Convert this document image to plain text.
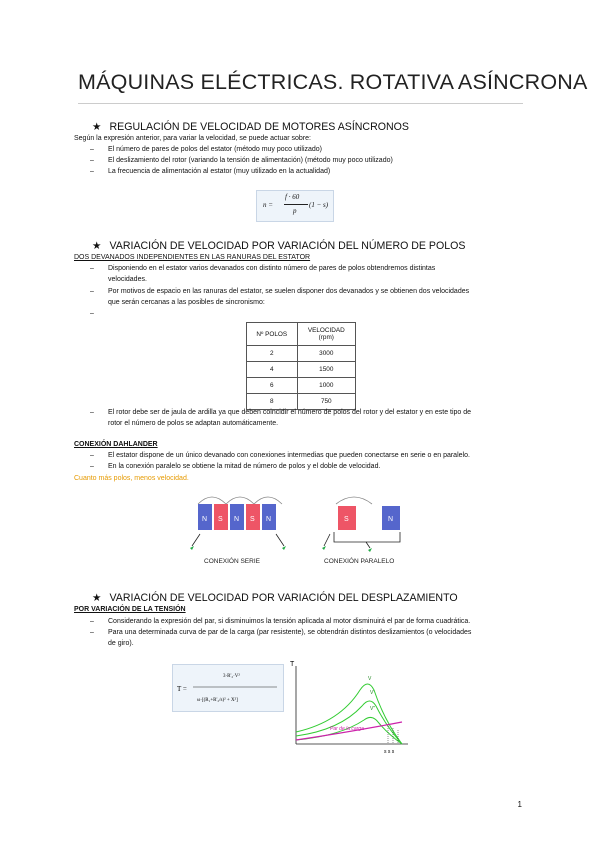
MÁQUINAS ELÉCTRICAS. ROTATIVA ASÍNCRONA
★ REGULACIÓN DE VELOCIDAD DE MOTORES ASÍNCRONOS
Según la expresión anterior, para variar la velocidad, se puede actuar sobre:
– El número de pares de polos del estator (método muy poco utilizado)
– El deslizamiento del rotor (variando la tensión de alimentación) (método muy poco utilizado)
– La frecuencia de alimentación al estator (muy utilizado en la actualidad)
n =
f · 60
p
(1 − s)
★ VARIACIÓN DE VELOCIDAD POR VARIACIÓN DEL NÚMERO DE POLOS
DOS DEVANADOS INDEPENDIENTES EN LAS RANURAS DEL ESTATOR
– Disponiendo en el estator varios devanados con distinto número de pares de polos obtendremos distintas
velocidades.
– Por motivos de espacio en las ranuras del estator, se suelen disponer dos devanados y se obtienen dos velocidades
que serán cercanas a las posibles de sincronismo:
–
Nº POLOS	VELOCIDAD
(rpm)
2	3000
4	1500
6	1000
8	750
– El rotor debe ser de jaula de ardilla ya que deben coincidir el número de polos del rotor y del estator y en este tipo de
rotor el número de polos se adaptan automáticamente.
CONEXIÓN DAHLANDER
– El estator dispone de un único devanado con conexiones intermedias que pueden conectarse en serie o en paralelo.
– En la conexión paralelo se obtiene la mitad de número de polos y el doble de velocidad.
Cuanto más polos, menos velocidad.
N S N S N	S	N
CONEXIÓN SERIE	CONEXIÓN PARALELO
★ VARIACIÓN DE VELOCIDAD POR VARIACIÓN DEL DESPLAZAMIENTO
POR VARIACIÓN DE LA TENSIÓN
– Considerando la expresión del par, si disminuimos la tensión aplicada al motor disminuirá el par de forma cuadrática.
– Para una determinada curva de par de la carga (par resistente), se obtendrán distintos deslizamientos (o velocidades
de giro).
T =
3·R'₂·V²
ω·[(R₁+R'₂/s)² + X²]
T
V
V'
V''
Par de la carga
s s s
1
